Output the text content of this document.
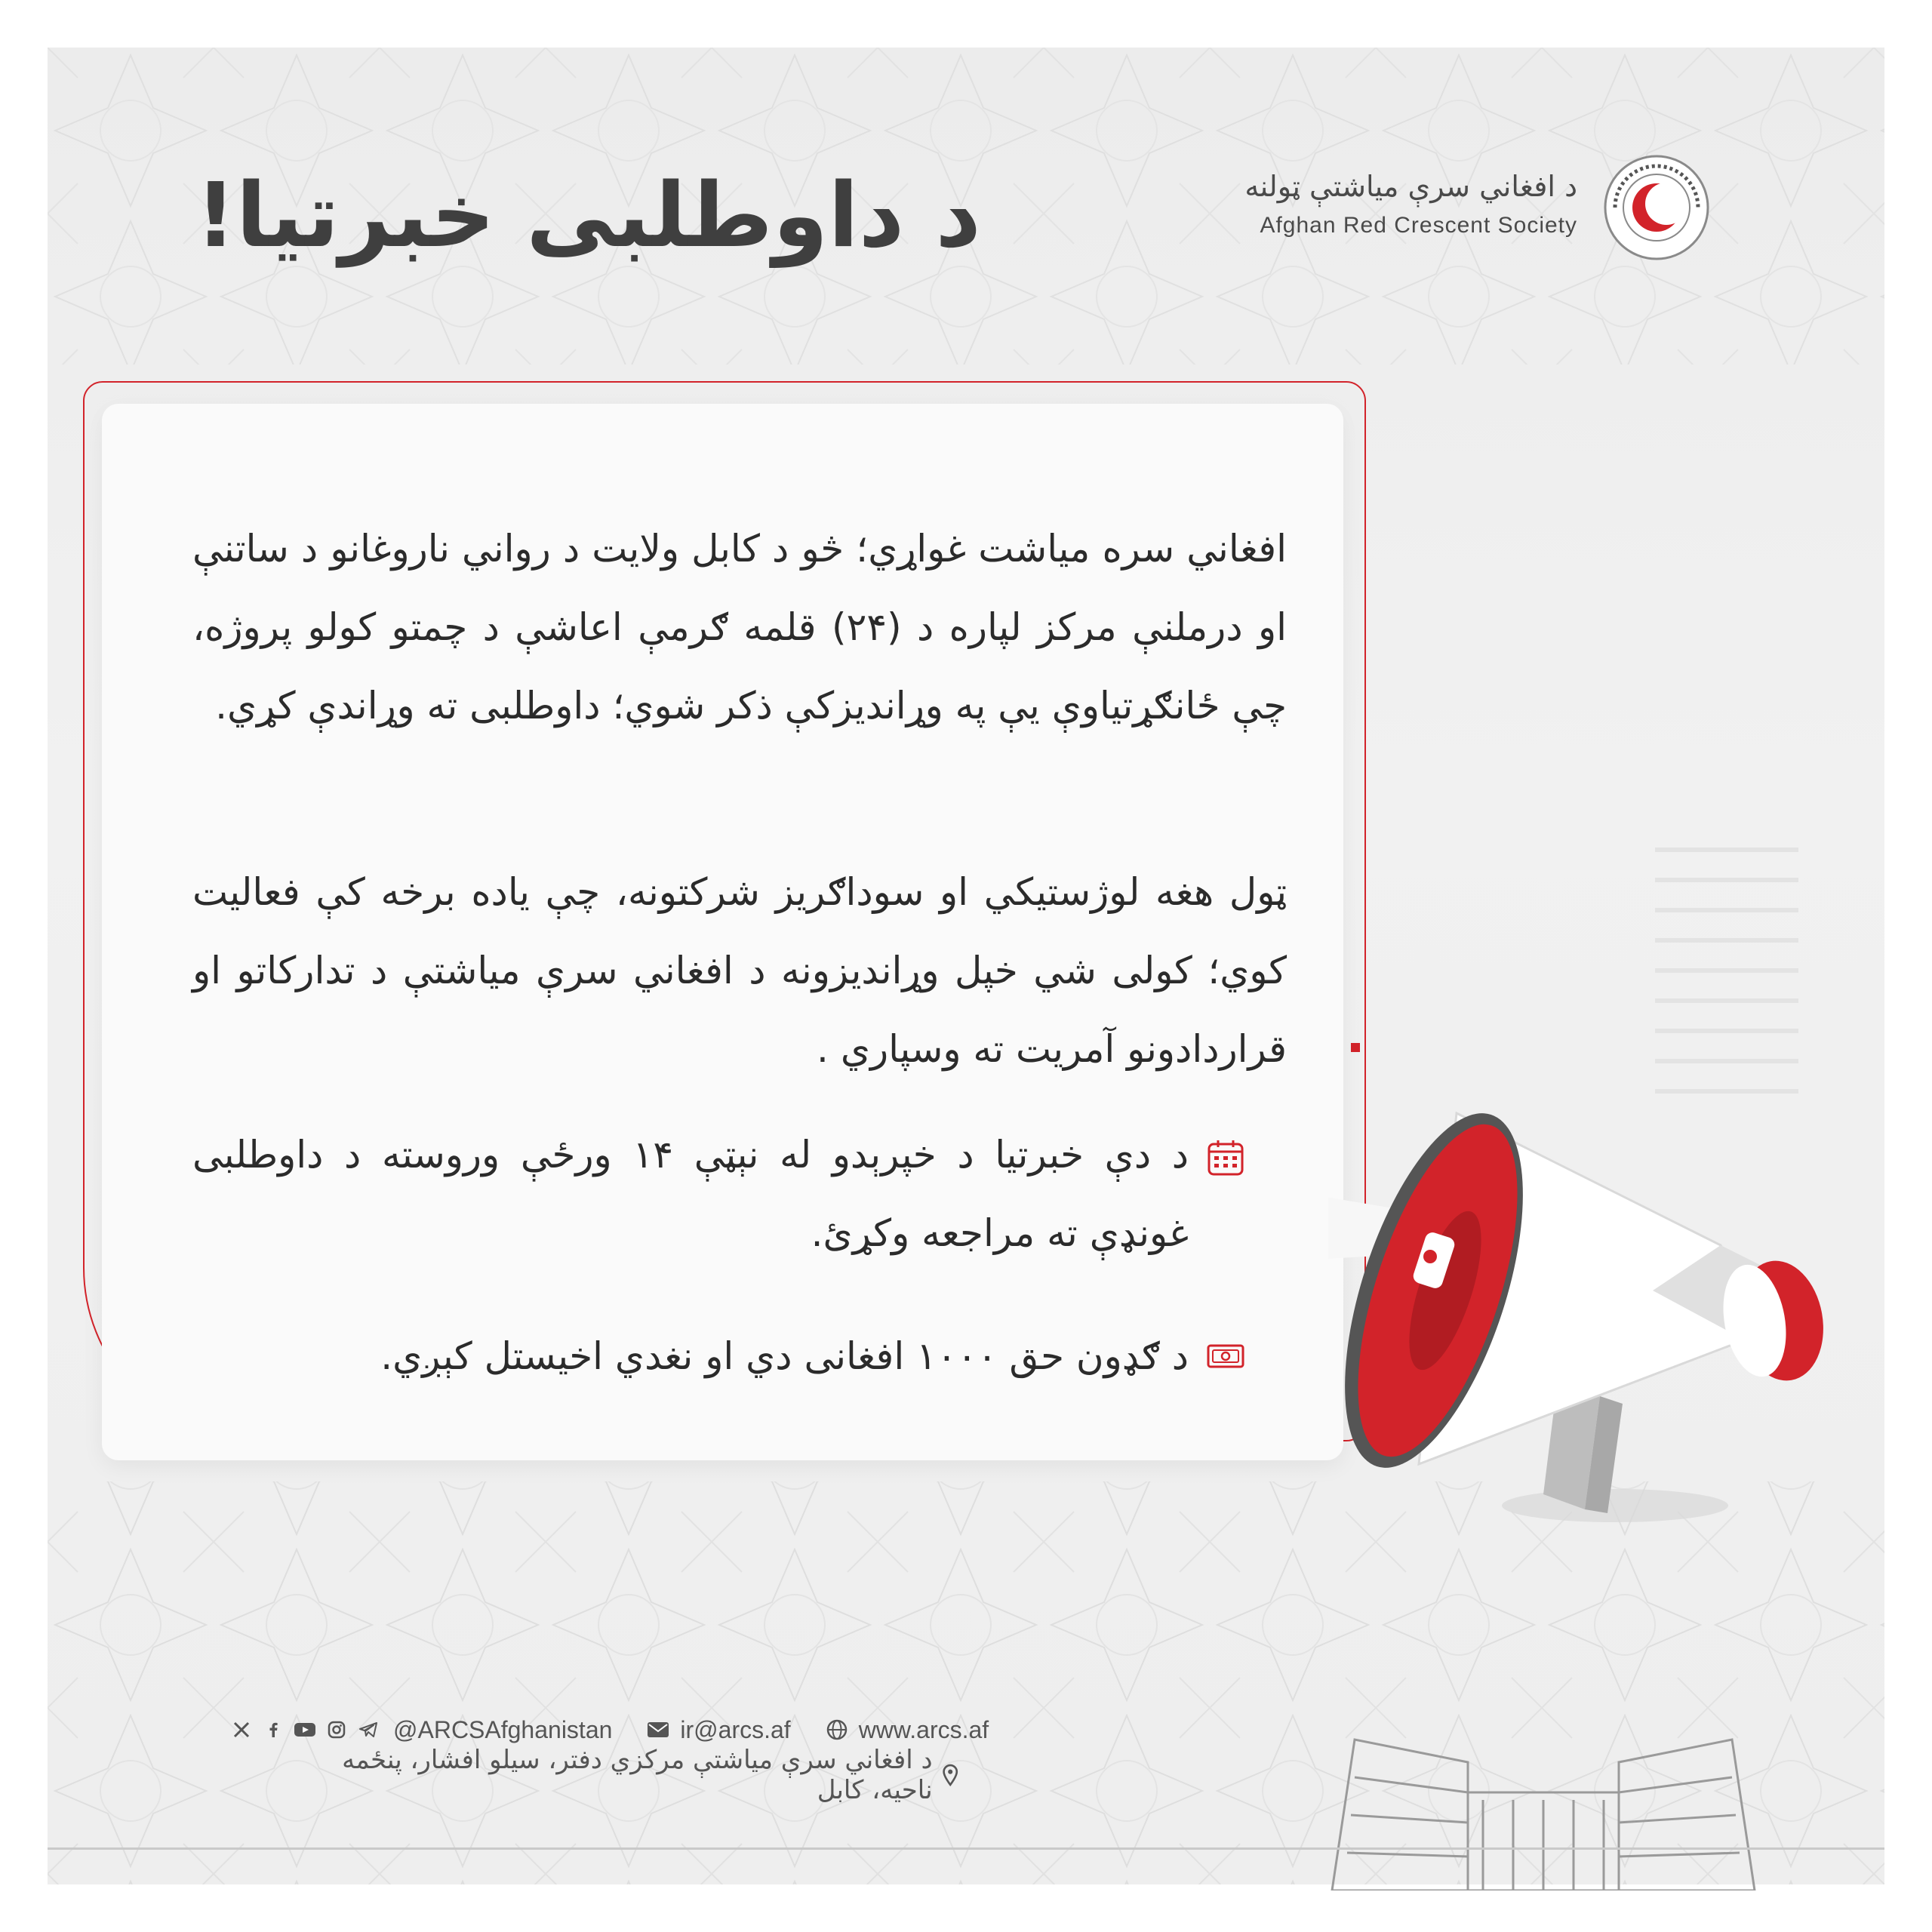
د داوطلبی خبرتیا!	د افغاني سرې میاشتې ټولنه
Afghan Red Crescent Society
افغاني سره میاشت غواړي؛ څو د کابل ولایت د رواني ناروغانو د ساتنې او درملنې مرکز لپاره د (۲۴) قلمه ګرمې اعاشې د چمتو کولو پروژه، چې ځانګړتیاوې یې په وړاندیزکې ذکر شوي؛ داوطلبی ته وړاندې کړي.
ټول هغه لوژستیکي او سوداګریز شرکتونه، چې یاده برخه کې فعالیت کوي؛ کولی شي خپل وړاندیزونه د افغاني سرې میاشتې د تدارکاتو او قراردادونو آمریت ته وسپاري .
د دې خبرتیا د خپرېدو له نېټې ۱۴ ورځې وروسته د داوطلبی غونډې ته مراجعه وکړئ.
د ګډون حق ۱۰۰۰ افغانی دي او نغدي اخیستل کېږي.
@ARCSAfghanistan	ir@arcs.af	www.arcs.af
د افغاني سرې میاشتې مرکزي دفتر، سیلو افشار، پنځمه ناحیه، کابل
